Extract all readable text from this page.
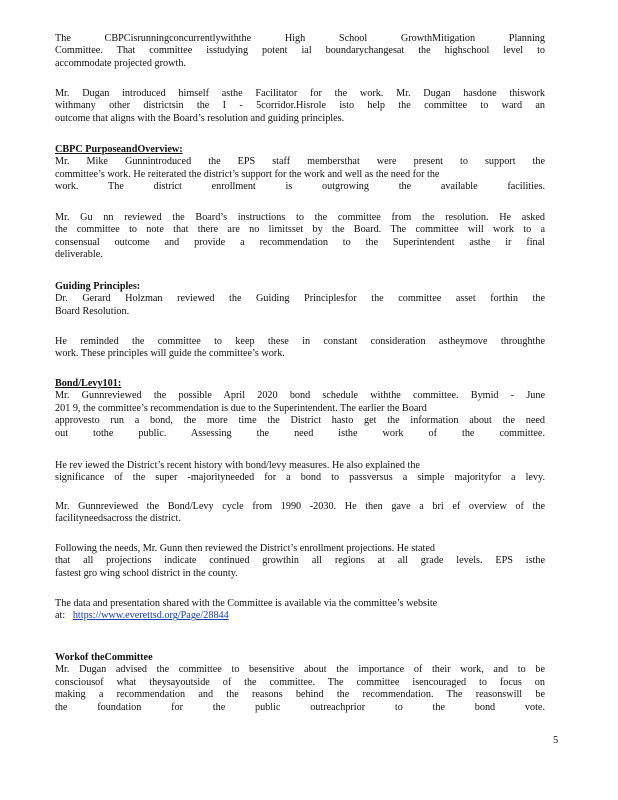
The CBPCisrunningconcurrentlywiththe High School GrowthMitigation Planning
Committee. That committee isstudying potent ial boundarychangesat the highschool level to
accommodate projected growth.
Mr. Dugan introduced himself asthe Facilitator for the work. Mr. Dugan hasdone thiswork
withmany other districtsin the I - 5corridor.Hisrole isto help the committee to ward an
outcome that aligns with the Board’s resolution and guiding principles.
CBPC PurposeandOverview:
Mr. Mike Gunnintroduced the EPS staff membersthat were present to support the
committee’s work. He reiterated the district’s support for the work and well as the need for the
work. The district enrollment is outgrowing the available facilities.
Mr. Gu nn reviewed the Board’s instructions to the committee from the resolution. He asked
the committee to note that there are no limitsset by the Board. The committee will work to a
consensual outcome and provide a recommendation to the Superintendent asthe ir final
deliverable.
Guiding Principles:
Dr. Gerard Holzman reviewed the Guiding Principlesfor the committee asset forthin the
Board Resolution.
He reminded the committee to keep these in constant consideration astheymove throughthe
work. These principles will guide the committee’s work.
Bond/Levy101:
Mr. Gunnreviewed the possible April 2020 bond schedule withthe committee. Bymid - June
201 9, the committee’s recommendation is due to the Superintendent. The earlier the Board
approvesto run a bond, the more time the District hasto get the information about the need
out tothe public. Assessing the need isthe work of the committee.
He rev iewed the District’s recent history with bond/levy measures. He also explained the
significance of the super -majorityneeded for a bond to passversus a simple majorityfor a levy.
Mr. Gunnreviewed the Bond/Levy cycle from 1990 -2030. He then gave a bri ef overview of the
facilityneedsacross the district.
Following the needs, Mr. Gunn then reviewed the District’s enrollment projections. He stated
that all projections indicate continued growthin all regions at all grade levels. EPS isthe
fastest gro wing school district in the county.
The data and presentation shared with the Committee is available via the committee’s website
at: https://www.everettsd.org/Page/28844
Workof theCommittee
Mr. Dugan advised the committee to besensitive about the importance of their work, and to be
consciousof what theysayoutside of the committee. The committee isencouraged to focus on
making a recommendation and the reasons behind the recommendation. The reasonswill be
the foundation for the public outreachprior to the bond vote.
5
